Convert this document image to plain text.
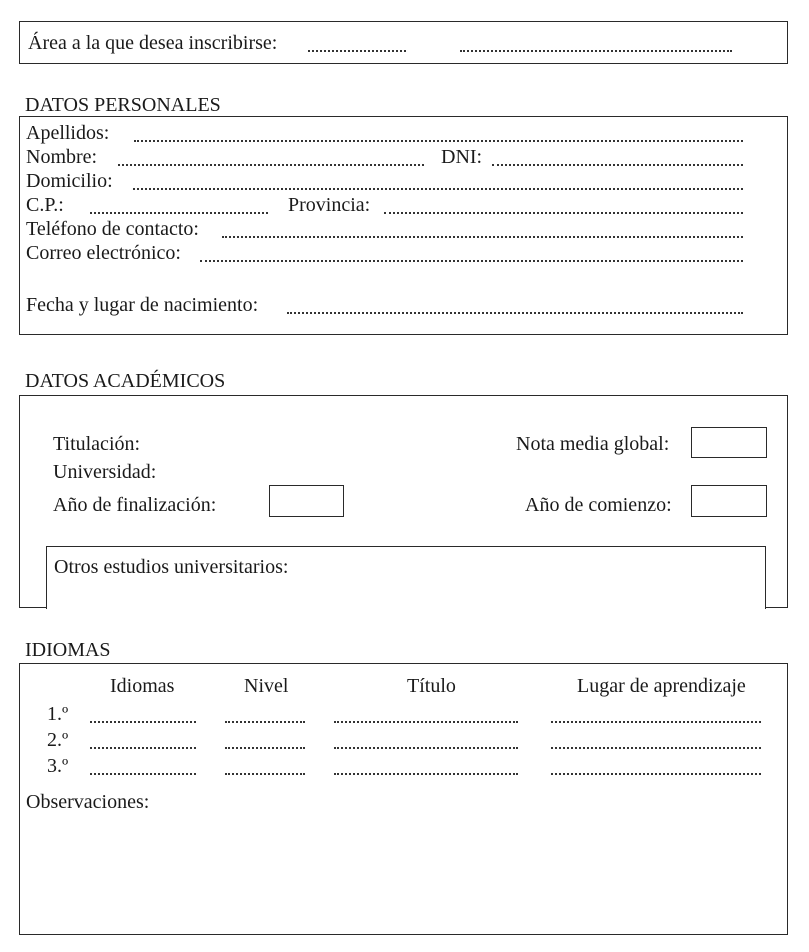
Área a la que desea inscribirse:
DATOS PERSONALES
Apellidos:
Nombre:	DNI:
Domicilio:
C.P.:	Provincia:
Teléfono de contacto:
Correo electrónico:
Fecha y lugar de nacimiento:
DATOS ACADÉMICOS
Titulación:	Nota media global:
Universidad:
Año de finalización:	Año de comienzo:
Otros estudios universitarios:
IDIOMAS
Idiomas	Nivel	Título	Lugar de aprendizaje
1.º
2.º
3.º
Observaciones:
